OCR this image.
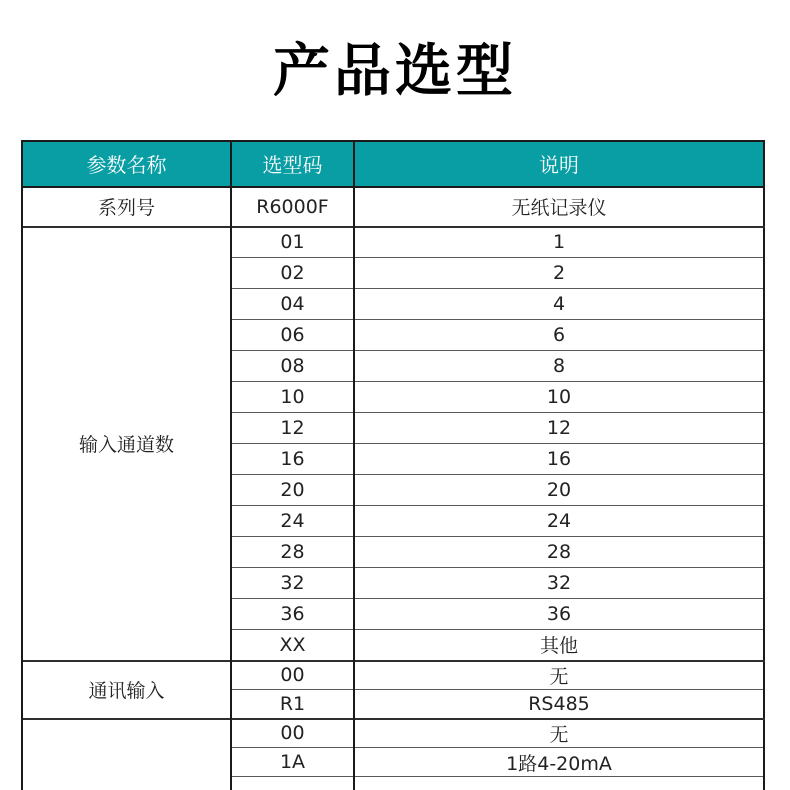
产品选型
参数名称	选型码	说明
系列号	R6000F	无纸记录仪
输入通道数	01	1
	02	2
	04	4
	06	6
	08	8
	10	10
	12	12
	16	16
	20	20
	24	24
	28	28
	32	32
	36	36
	XX	其他
通讯输入	00	无
	R1	RS485
	00	无
	1A	1路4-20mA
